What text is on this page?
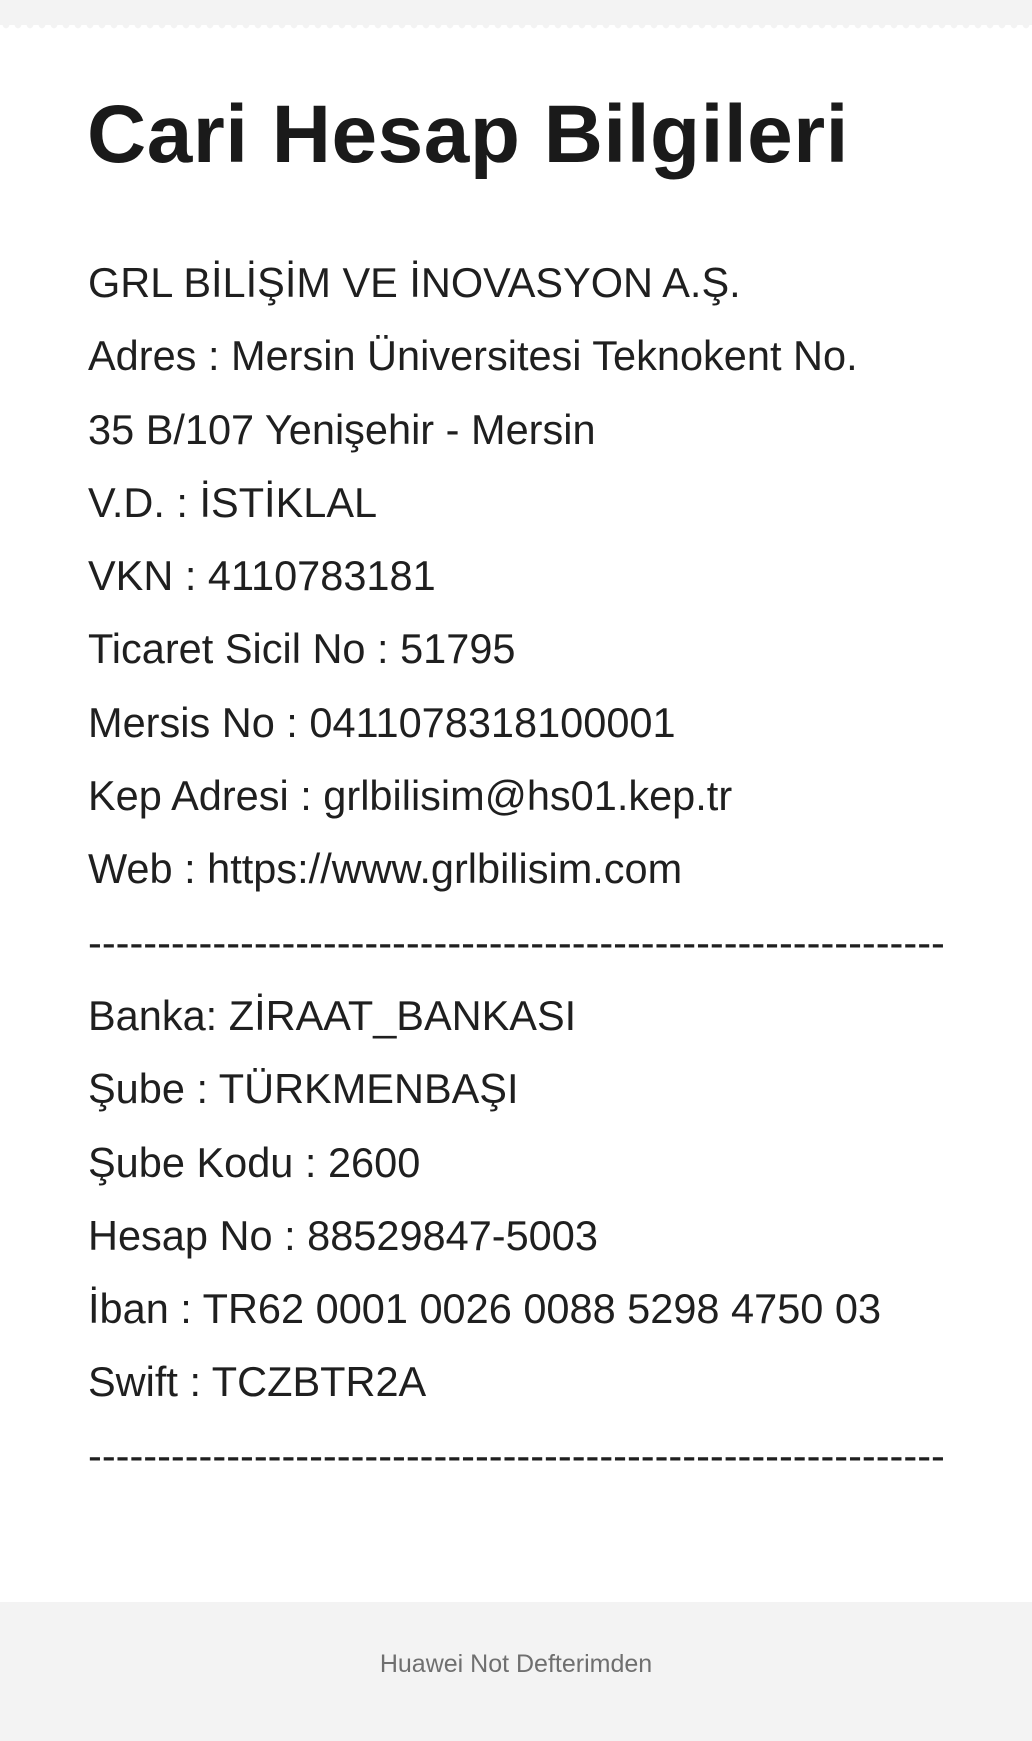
Cari Hesap Bilgileri
GRL BİLİŞİM VE İNOVASYON A.Ş.
Adres : Mersin Üniversitesi Teknokent No.
35 B/107 Yenişehir - Mersin
V.D. : İSTİKLAL
VKN : 4110783181
Ticaret Sicil No : 51795
Mersis No : 0411078318100001
Kep Adresi : grlbilisim@hs01.kep.tr
Web : https://www.grlbilisim.com
--------------------------------------------------------------
Banka: ZİRAAT_BANKASI
Şube : TÜRKMENBAŞI
Şube Kodu : 2600
Hesap No : 88529847-5003
İban : TR62 0001 0026 0088 5298 4750 03
Swift : TCZBTR2A
--------------------------------------------------------------
Huawei Not Defterimden
